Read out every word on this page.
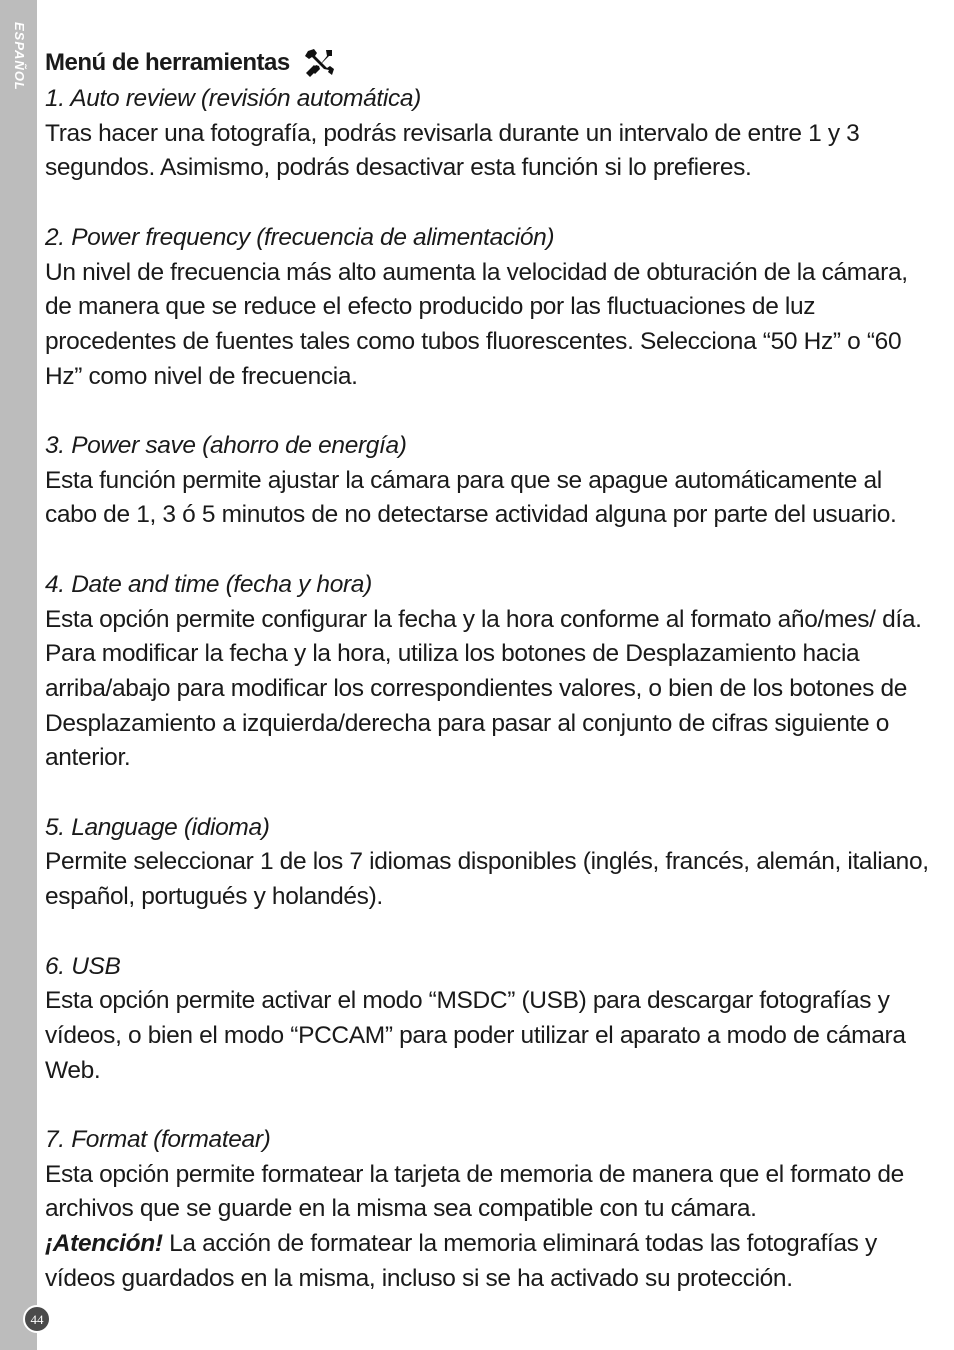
ESPAÑOL
44
Menú de herramientas
1. Auto review (revisión automática)
Tras hacer una fotografía, podrás revisarla durante un intervalo de entre 1 y 3 segundos. Asimismo, podrás desactivar esta función si lo prefieres.
2. Power frequency (frecuencia de alimentación)
Un nivel de frecuencia más alto aumenta la velocidad de obturación de la cámara, de manera que se reduce el efecto producido por las fluctuaciones de luz procedentes de fuentes tales como tubos fluorescentes. Selecciona “50 Hz” o “60 Hz” como nivel de frecuencia.
3. Power save (ahorro de energía)
Esta función permite ajustar la cámara para que se apague automáticamente al cabo de 1, 3 ó 5 minutos de no detectarse actividad alguna por parte del usuario.
4. Date and time (fecha y hora)
Esta opción permite configurar la fecha y la hora conforme al formato año/mes/ día. Para modificar la fecha y la hora, utiliza los botones de Desplazamiento hacia arriba/abajo para modificar los correspondientes valores, o bien de los botones de Desplazamiento a izquierda/derecha para pasar al conjunto de cifras siguiente o anterior.
5. Language (idioma)
Permite seleccionar 1 de los 7 idiomas disponibles (inglés, francés, alemán, italiano, español, portugués y holandés).
6. USB
Esta opción permite activar el modo “MSDC” (USB) para descargar fotografías y vídeos, o bien el modo “PCCAM” para poder utilizar el aparato a modo de cámara Web.
7. Format (formatear)
Esta opción permite formatear la tarjeta de memoria de manera que el formato de archivos que se guarde en la misma sea compatible con tu cámara.
¡Atención! La acción de formatear la memoria eliminará todas las fotografías y vídeos guardados en la misma, incluso si se ha activado su protección.
